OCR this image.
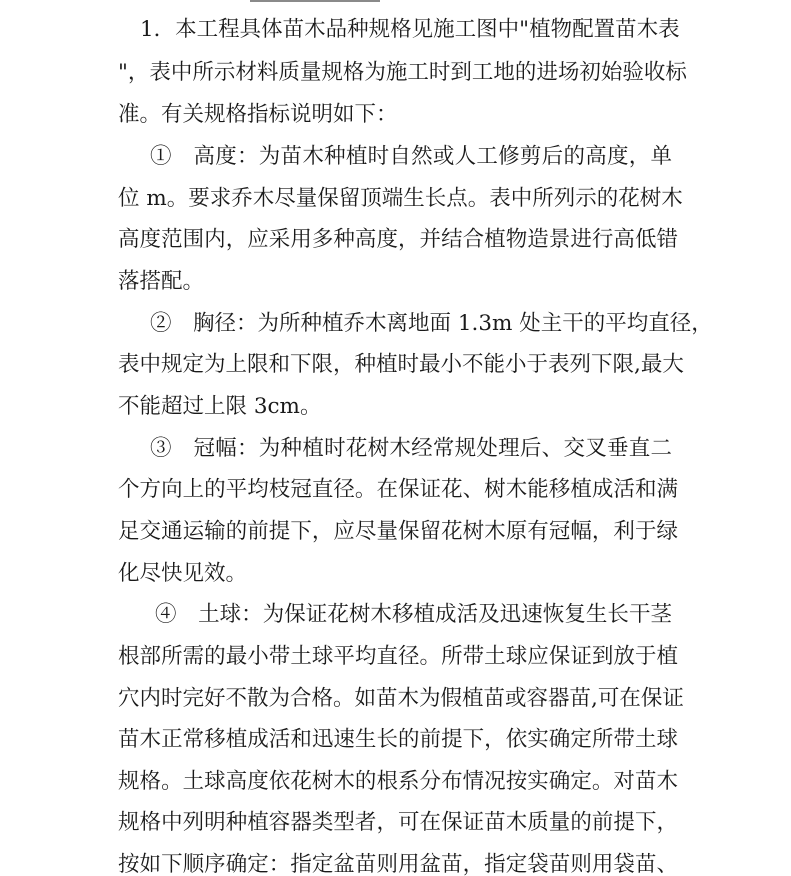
1．本工程具体苗木品种规格见施工图中"植物配置苗木表
"，表中所示材料质量规格为施工时到工地的进场初始验收标
准。有关规格指标说明如下：
①　高度：为苗木种植时自然或人工修剪后的高度，单
位 m。要求乔木尽量保留顶端生长点。表中所列示的花树木
高度范围内，应采用多种高度，并结合植物造景进行高低错
落搭配。
②　胸径：为所种植乔木离地面 1.3m 处主干的平均直径，
表中规定为上限和下限，种植时最小不能小于表列下限,最大
不能超过上限 3cm。
③　冠幅：为种植时花树木经常规处理后、交叉垂直二
个方向上的平均枝冠直径。在保证花、树木能移植成活和满
足交通运输的前提下，应尽量保留花树木原有冠幅，利于绿
化尽快见效。
④　土球：为保证花树木移植成活及迅速恢复生长干茎
根部所需的最小带土球平均直径。所带土球应保证到放于植
穴内时完好不散为合格。如苗木为假植苗或容器苗,可在保证
苗木正常移植成活和迅速生长的前提下，依实确定所带土球
规格。土球高度依花树木的根系分布情况按实确定。对苗木
规格中列明种植容器类型者，可在保证苗木质量的前提下，
按如下顺序确定：指定盆苗则用盆苗，指定袋苗则用袋苗、
